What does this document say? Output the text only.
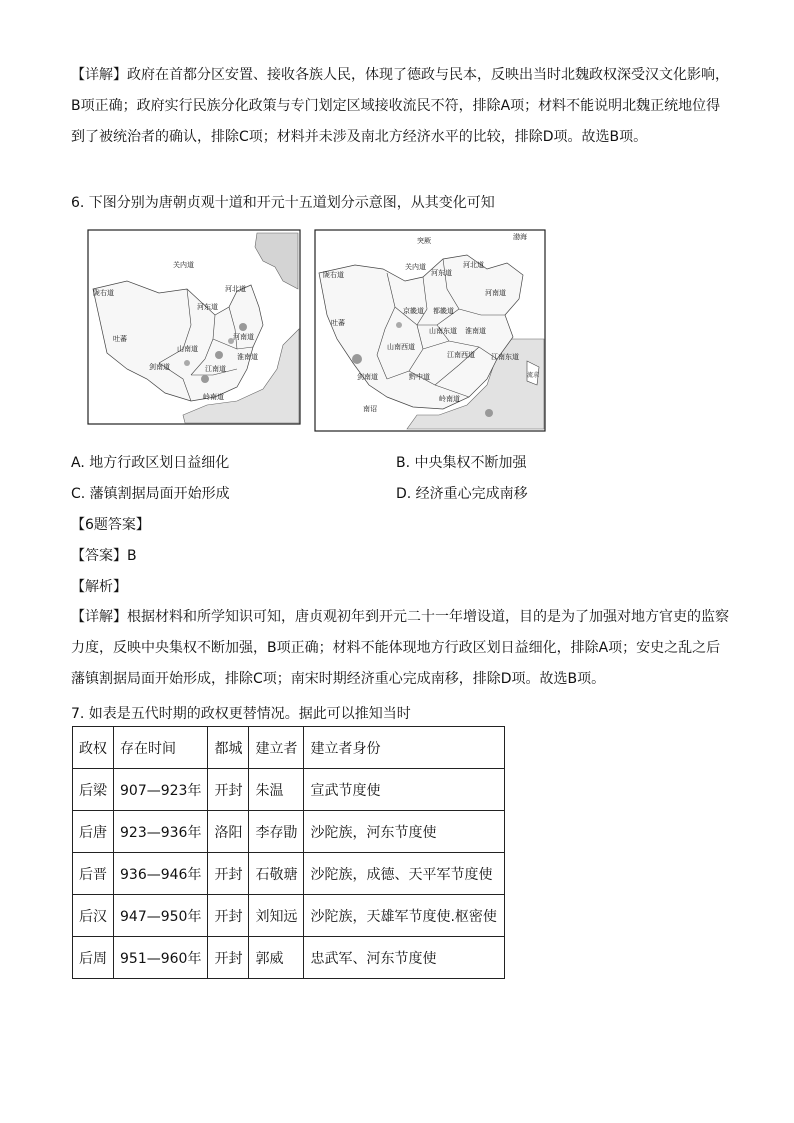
【详解】政府在首都分区安置、接收各族人民，体现了德政与民本，反映出当时北魏政权深受汉文化影响，B项正确；政府实行民族分化政策与专门划定区域接收流民不符，排除A项；材料不能说明北魏正统地位得到了被统治者的确认，排除C项；材料并未涉及南北方经济水平的比较，排除D项。故选B项。
6. 下图分别为唐朝贞观十道和开元十五道划分示意图，从其变化可知
关内道
陇右道	河北道
河东道
河南道
山南道
淮南道
剑南道	江南道
岭南道
吐蕃
突厥	渤海
陇右道
关内道	河北道
河东道
河南道
京畿道 都畿道
山南东道 淮南道
山南西道
江南西道 江南东道
剑南道	黔中道
岭南道
南诏
吐蕃
流求
A. 地方行政区划日益细化	B. 中央集权不断加强
C. 藩镇割据局面开始形成	D. 经济重心完成南移
【6题答案】
【答案】B
【解析】
【详解】根据材料和所学知识可知，唐贞观初年到开元二十一年增设道，目的是为了加强对地方官吏的监察力度，反映中央集权不断加强，B项正确；材料不能体现地方行政区划日益细化，排除A项；安史之乱之后藩镇割据局面开始形成，排除C项；南宋时期经济重心完成南移，排除D项。故选B项。
7. 如表是五代时期的政权更替情况。据此可以推知当时
政权	存在时间	都城	建立者	建立者身份
后梁	907—923年	开封	朱温	宣武节度使
后唐	923—936年	洛阳	李存勖	沙陀族，河东节度使
后晋	936—946年	开封	石敬瑭	沙陀族，成德、天平军节度使
后汉	947—950年	开封	刘知远	沙陀族，天雄军节度使.枢密使
后周	951—960年	开封	郭威	忠武军、河东节度使
